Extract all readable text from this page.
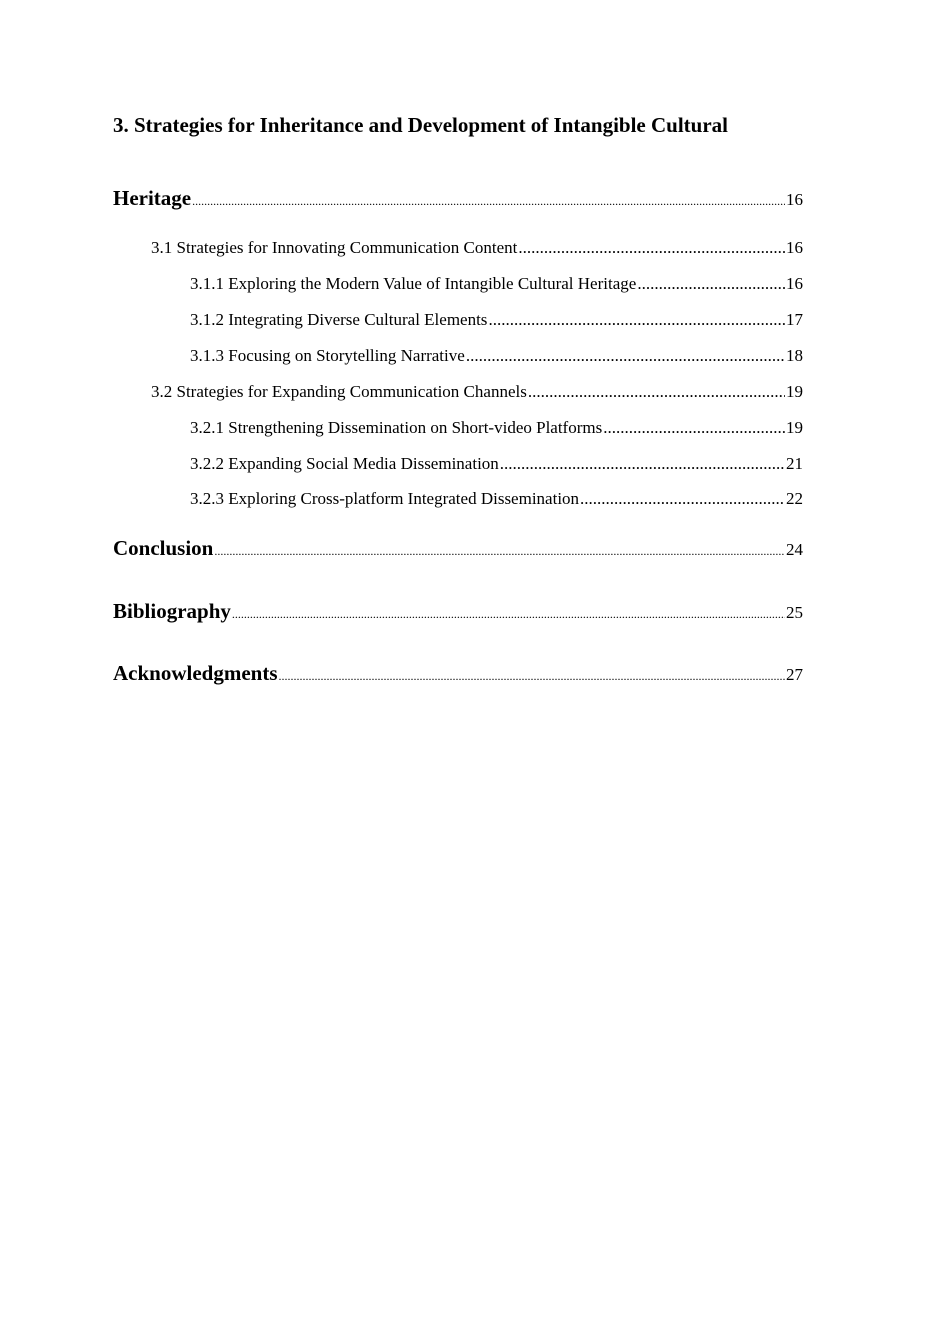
3. Strategies for Inheritance and Development of Intangible Cultural
Heritage .....	16
3.1 Strategies for Innovating Communication Content .....	16
3.1.1 Exploring the Modern Value of Intangible Cultural Heritage .....	16
3.1.2 Integrating Diverse Cultural Elements .....	17
3.1.3 Focusing on Storytelling Narrative .....	18
3.2 Strategies for Expanding Communication Channels .....	19
3.2.1 Strengthening Dissemination on Short-video Platforms .....	19
3.2.2 Expanding Social Media Dissemination .....	21
3.2.3 Exploring Cross-platform Integrated Dissemination .....	22
Conclusion .....	24
Bibliography .....	25
Acknowledgments .....	27
